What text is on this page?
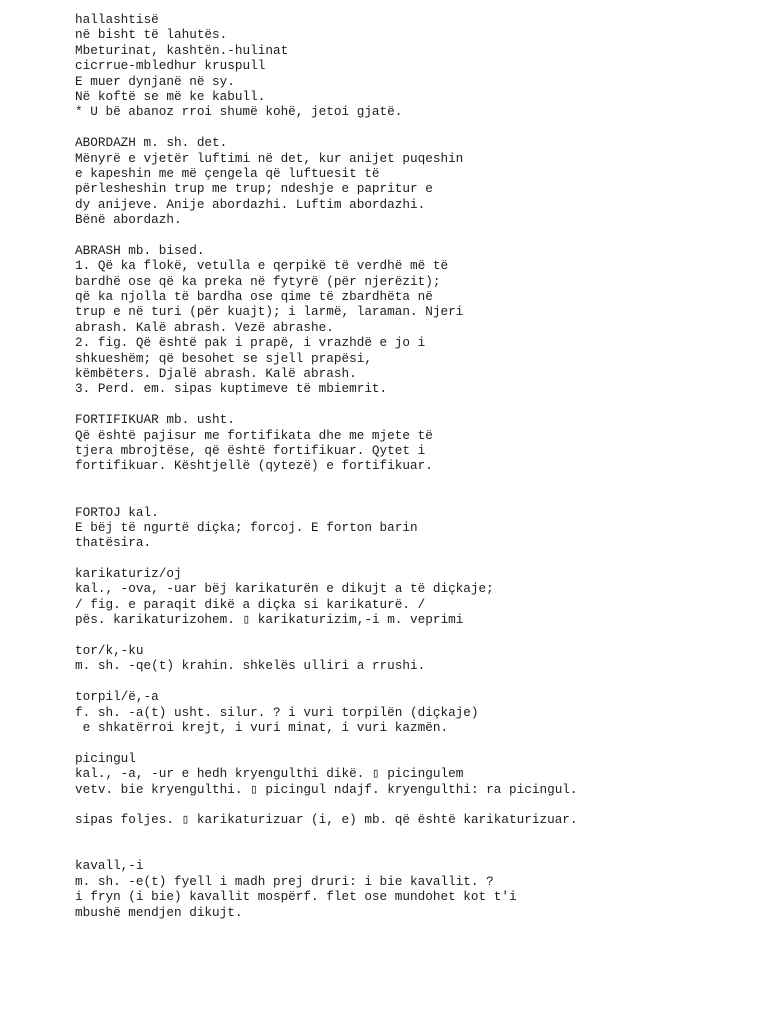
hallashtisë
në bisht të lahutës.
Mbeturinat, kashtën.-hulinat
cicrrue-mbledhur kruspull
E muer dynjanë në sy.
Në koftë se më ke kabull.
* U bë abanoz rroi shumë kohë, jetoi gjatë.
ABORDAZH m. sh. det.
Mënyrë e vjetër luftimi në det, kur anijet puqeshin
e kapeshin me më çengela që luftuesit të
përlesheshin trup me trup; ndeshje e papritur e
dy anijeve. Anije abordazhi. Luftim abordazhi.
Bënë abordazh.
ABRASH mb. bised.
1. Që ka flokë, vetulla e qerpikë të verdhë më të
bardhë ose që ka preka në fytyrë (për njerëzit);
që ka njolla të bardha ose qime të zbardhëta në
trup e në turi (për kuajt); i larmë, laraman. Njeri
abrash. Kalë abrash. Vezë abrashe.
2. fig. Që është pak i prapë, i vrazhdë e jo i
shkueshëm; që besohet se sjell prapësi,
këmbëters. Djalë abrash. Kalë abrash.
3. Perd. em. sipas kuptimeve të mbiemrit.
FORTIFIKUAR mb. usht.
Që është pajisur me fortifikata dhe me mjete të
tjera mbrojtëse, që është fortifikuar. Qytet i
fortifikuar. Kështjellë (qytezë) e fortifikuar.
FORTOJ kal.
E bëj të ngurtë diçka; forcoj. E forton barin
thatësira.
karikaturiz/oj
kal., -ova, -uar bëj karikaturën e dikujt a të diçkaje;
/ fig. e paraqit dikë a diçka si karikaturë. /
pës. karikaturizohem. ▯ karikaturizim,-i m. veprimi
tor/k,-ku
m. sh. -qe(t) krahin. shkelës ulliri a rrushi.
torpil/ë,-a
f. sh. -a(t) usht. silur. ? i vuri torpilën (diçkaje)
e shkatërroi krejt, i vuri minat, i vuri kazmën.
picingul
kal., -a, -ur e hedh kryengulthi dikë. ▯ picingulem
vetv. bie kryengulthi. ▯ picingul ndajf. kryengulthi: ra picingul.
sipas foljes. ▯ karikaturizuar (i, e) mb. që është karikaturizuar.
kavall,-i
m. sh. -e(t) fyell i madh prej druri: i bie kavallit. ?
i fryn (i bie) kavallit mospërf. flet ose mundohet kot t'i
mbushë mendjen dikujt.
